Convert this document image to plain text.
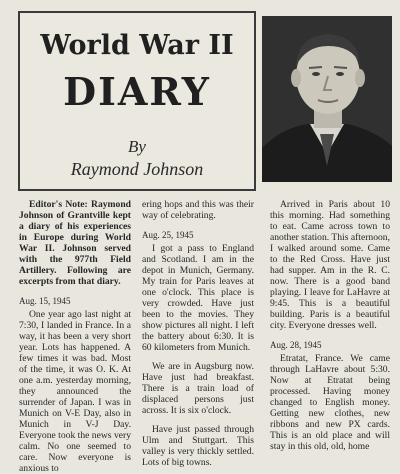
World War II
DIARY
By
Raymond Johnson

Editor's Note: Raymond Johnson of Grantville kept a diary of his experiences in Europe during World War II. Johnson served with the 977th Field Artillery. Following are excerpts from that diary.

Aug. 15, 1945

One year ago last night at 7:30, I landed in France. In a way, it has been a very short year. Lots has happened. A few times it was bad. Most of the time, it was O. K. At one a.m. yesterday morning, they announced the surrender of Japan. I was in Munich on V-E Day, also in Munich in V-J Day. Everyone took the news very calm. No one seemed to care. Now everyone is anxious to

ering hops and this was their way of celebrating.

Aug. 25, 1945

I got a pass to England and Scotland. I am in the depot in Munich, Germany. My train for Paris leaves at one o'clock. This place is very crowded. Have just been to the movies. They show pictures all night. I left the battery about 6:30. It is 60 kilometers from Munich.

We are in Augsburg now. Have just had breakfast. There is a train load of displaced persons just across. It is six o'clock.

Have just passed through Ulm and Stuttgart. This valley is very thickly settled. Lots of big towns.

Arrived in Paris about 10 this morning. Had something to eat. Came across town to another station. This afternoon, I walked around some. Came to the Red Cross. Have just had supper. Am in the R. C. now. There is a good band playing. I leave for LaHavre at 9:45. This is a beautiful building. Paris is a beautiful city. Everyone dresses well.

Aug. 28, 1945

Etratat, France. We came through LaHavre about 5:30. Now at Etratat being processed. Having money changed to English money. Getting new clothes, new ribbons and new PX cards. This is an old place and will stay in this old, old, home
